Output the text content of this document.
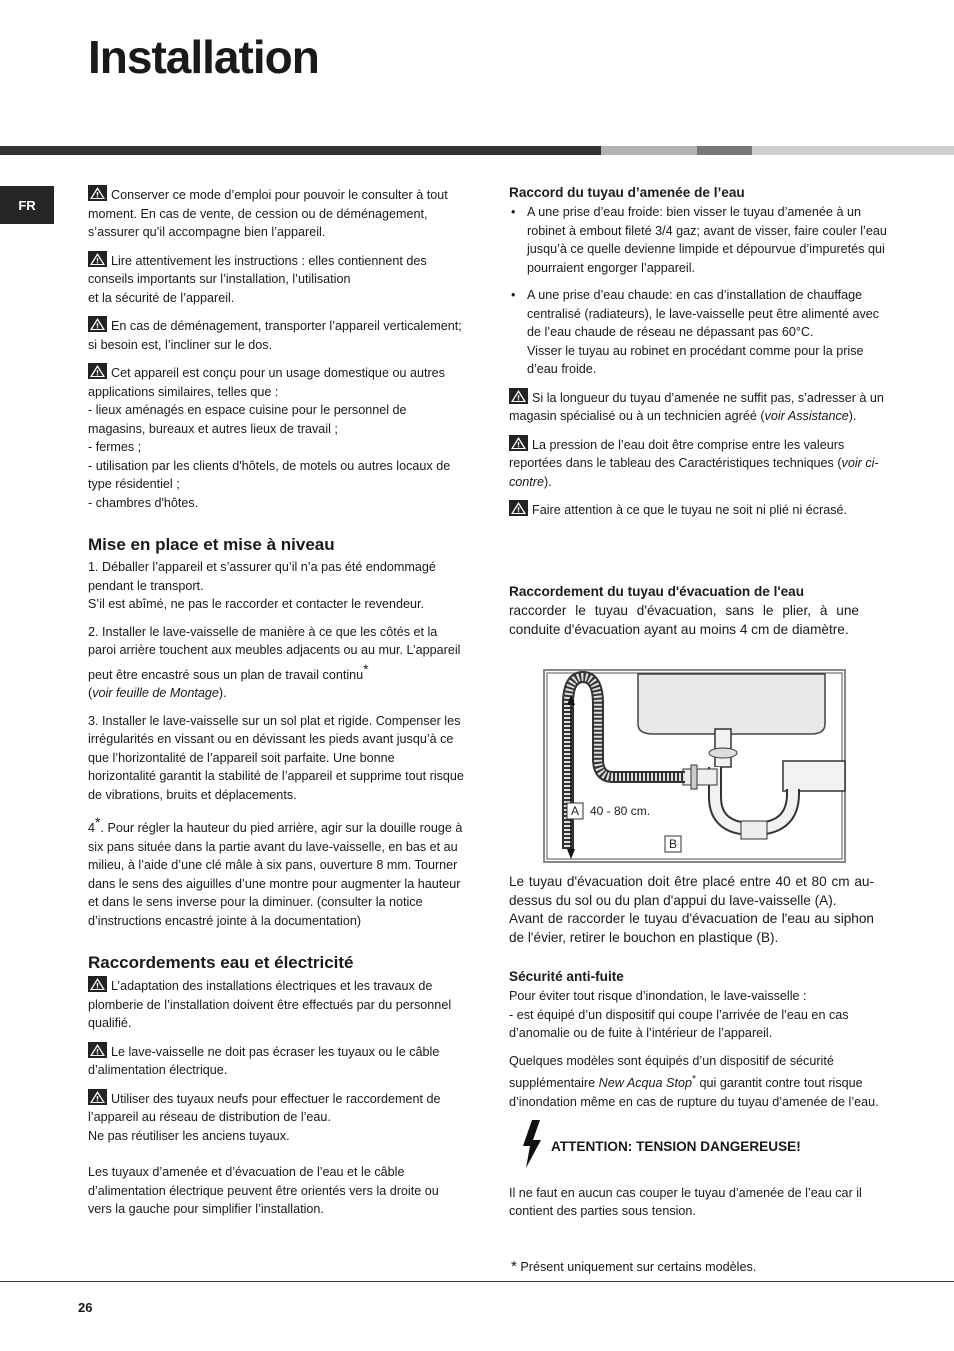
Installation
FR

Conserver ce mode d’emploi pour pouvoir le consulter à tout moment. En cas de vente, de cession ou de déménagement, s’assurer qu’il accompagne bien l’appareil.

Lire attentivement les instructions : elles contiennent des conseils importants sur l’installation, l’utilisation
et la sécurité de l’appareil.

En cas de déménagement, transporter l’appareil verticalement; si besoin est, l’incliner sur le dos.

Cet appareil est conçu pour un usage domestique ou autres applications similaires, telles que :
- lieux aménagés en espace cuisine pour le personnel de magasins, bureaux et autres lieux de travail ;
- fermes ;
- utilisation par les clients d'hôtels, de motels ou autres locaux de type résidentiel ;
- chambres d'hôtes.

Mise en place et mise à niveau

1. Déballer l’appareil et s’assurer qu’il n’a pas été endommagé pendant le transport.
S’il est abîmé, ne pas le raccorder et contacter le revendeur.

2. Installer le lave-vaisselle de manière à ce que les côtés et la paroi arrière touchent aux meubles adjacents ou au mur. L’appareil peut être encastré sous un plan de travail continu*
(voir feuille de Montage).

3. Installer le lave-vaisselle sur un sol plat et rigide. Compenser les irrégularités en vissant ou en dévissant les pieds avant jusqu’à ce que l’horizontalité de l’appareil soit parfaite. Une bonne horizontalité garantit la stabilité de l’appareil et supprime tout risque de vibrations, bruits et déplacements.

4*. Pour régler la hauteur du pied arrière, agir sur la douille rouge à six pans située dans la partie avant du lave-vaisselle, en bas et au milieu, à l’aide d’une clé mâle à six pans, ouverture 8 mm. Tourner dans le sens des aiguilles d’une montre pour augmenter la hauteur et dans le sens inverse pour la diminuer. (consulter la notice d’instructions encastré jointe à la documentation)

Raccordements eau et électricité

L’adaptation des installations électriques et les travaux de plomberie de l’installation doivent être effectués par du personnel qualifié.

Le lave-vaisselle ne doit pas écraser les tuyaux ou le câble d’alimentation électrique.

Utiliser des tuyaux neufs pour effectuer le raccordement de l’appareil au réseau de distribution de l’eau.
Ne pas réutiliser les anciens tuyaux.

Les tuyaux d’amenée et d’évacuation de l’eau et le câble d’alimentation électrique peuvent être orientés vers la droite ou vers la gauche pour simplifier l’installation.

Raccord du tuyau d’amenée de l’eau
• A une prise d’eau froide: bien visser le tuyau d’amenée à un robinet à embout fileté 3/4 gaz; avant de visser, faire couler l’eau jusqu’à ce quelle devienne limpide et dépourvue d’impuretés qui pourraient engorger l’appareil.
• A une prise d’eau chaude: en cas d’installation de chauffage centralisé (radiateurs), le lave-vaisselle peut être alimenté avec de l’eau chaude de réseau ne dépassant pas 60°C.
Visser le tuyau au robinet en procédant comme pour la prise d’eau froide.

Si la longueur du tuyau d’amenée ne suffit pas, s’adresser à un magasin spécialisé ou à un technicien agréé (voir Assistance).

La pression de l’eau doit être comprise entre les valeurs reportées dans le tableau des Caractéristiques techniques (voir ci-contre).

Faire attention à ce que le tuyau ne soit ni plié ni écrasé.

Raccordement du tuyau d'évacuation de l'eau
raccorder le tuyau d'évacuation, sans le plier, à une conduite d'évacuation ayant au moins 4 cm de diamètre.
A 40 - 80 cm.
B
Le tuyau d'évacuation doit être placé entre 40 et 80 cm au-dessus du sol ou du plan d'appui du lave-vaisselle (A).
Avant de raccorder le tuyau d'évacuation de l'eau au siphon de l'évier, retirer le bouchon en plastique (B).
Sécurité anti-fuite

Pour éviter tout risque d’inondation, le lave-vaisselle :
- est équipé d’un dispositif qui coupe l’arrivée de l’eau en cas d’anomalie ou de fuite à l’intérieur de l’appareil.

Quelques modèles sont équipés d’un dispositif de sécurité supplémentaire New Acqua Stop* qui garantit contre tout risque d’inondation même en cas de rupture du tuyau d’amenée de l’eau.

ATTENTION: TENSION DANGEREUSE!

Il ne faut en aucun cas couper le tuyau d’amenée de l’eau car il contient des parties sous tension.

* Présent uniquement sur certains modèles.
26
